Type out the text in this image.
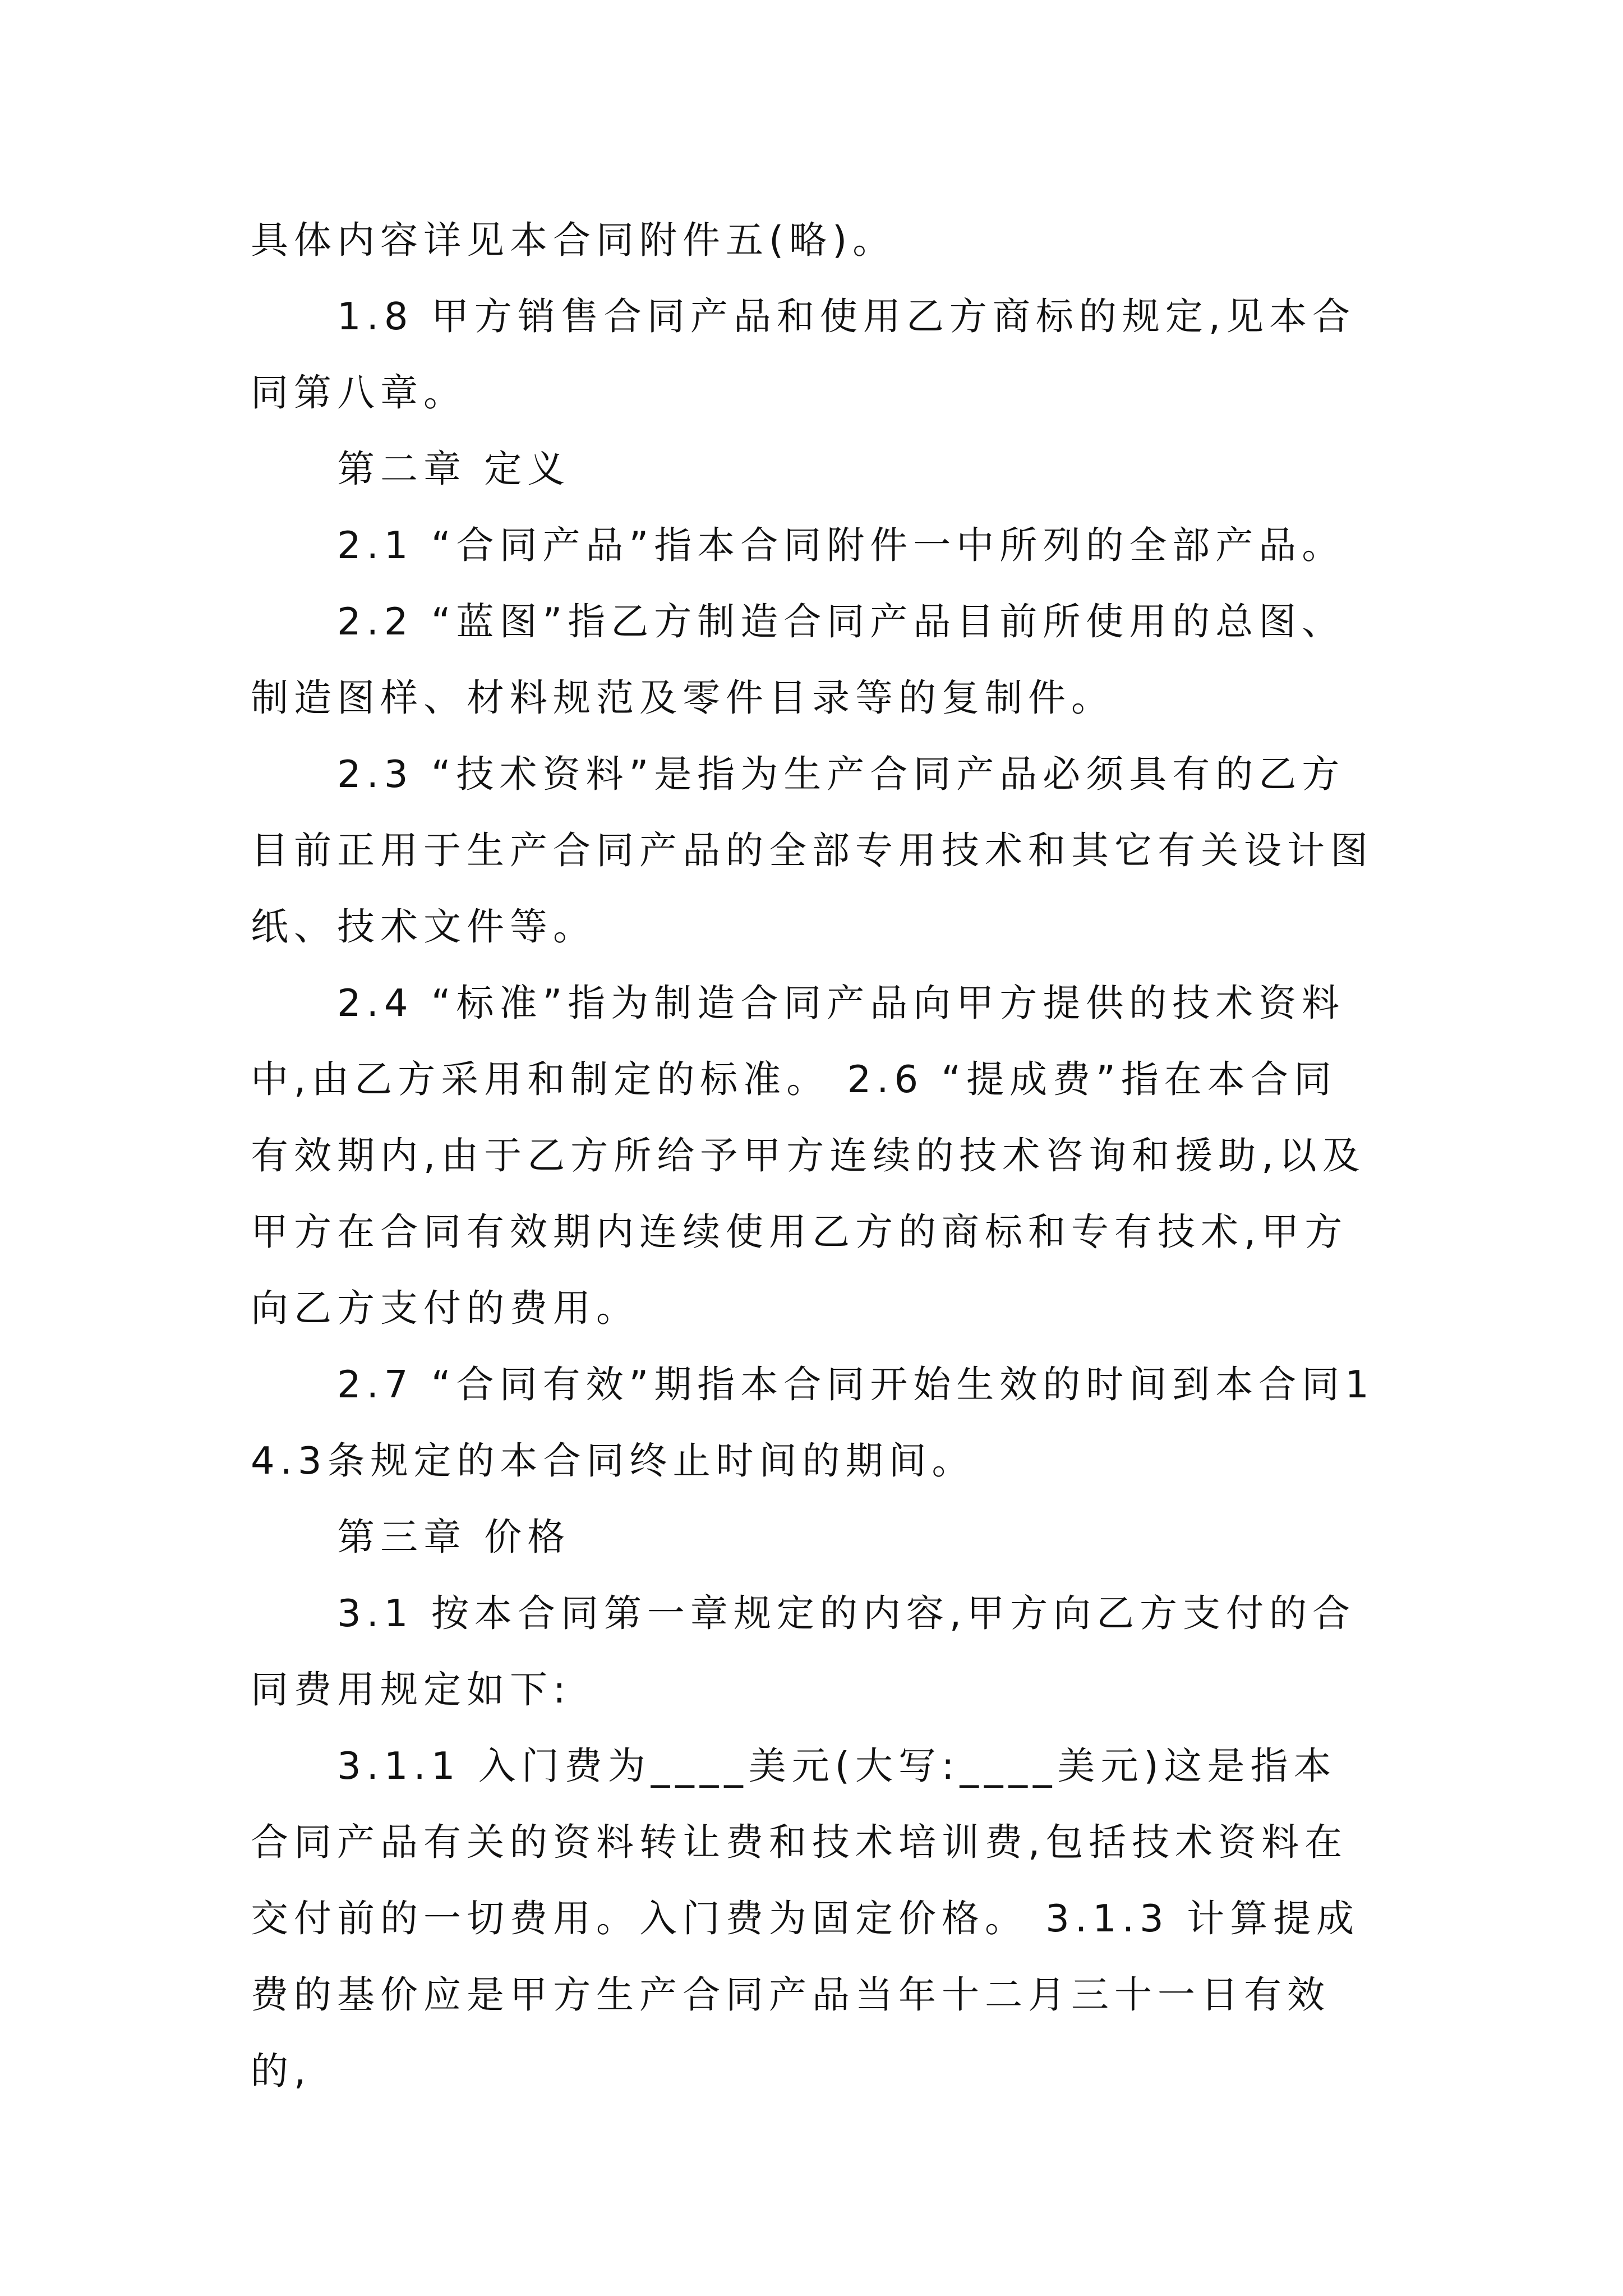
具体内容详见本合同附件五(略)。

1.8 甲方销售合同产品和使用乙方商标的规定,见本合同第八章。

第二章 定义

2.1 “合同产品”指本合同附件一中所列的全部产品。

2.2 “蓝图”指乙方制造合同产品目前所使用的总图、制造图样、材料规范及零件目录等的复制件。

2.3 “技术资料”是指为生产合同产品必须具有的乙方目前正用于生产合同产品的全部专用技术和其它有关设计图纸、技术文件等。

2.4 “标准”指为制造合同产品向甲方提供的技术资料中,由乙方采用和制定的标准。 2.6 “提成费”指在本合同有效期内,由于乙方所给予甲方连续的技术咨询和援助,以及甲方在合同有效期内连续使用乙方的商标和专有技术,甲方向乙方支付的费用。

2.7 “合同有效”期指本合同开始生效的时间到本合同14.3条规定的本合同终止时间的期间。

第三章 价格

3.1 按本合同第一章规定的内容,甲方向乙方支付的合同费用规定如下:

3.1.1 入门费为____美元(大写:____美元)这是指本合同产品有关的资料转让费和技术培训费,包括技术资料在交付前的一切费用。入门费为固定价格。 3.1.3 计算提成费的基价应是甲方生产合同产品当年十二月三十一日有效的,
